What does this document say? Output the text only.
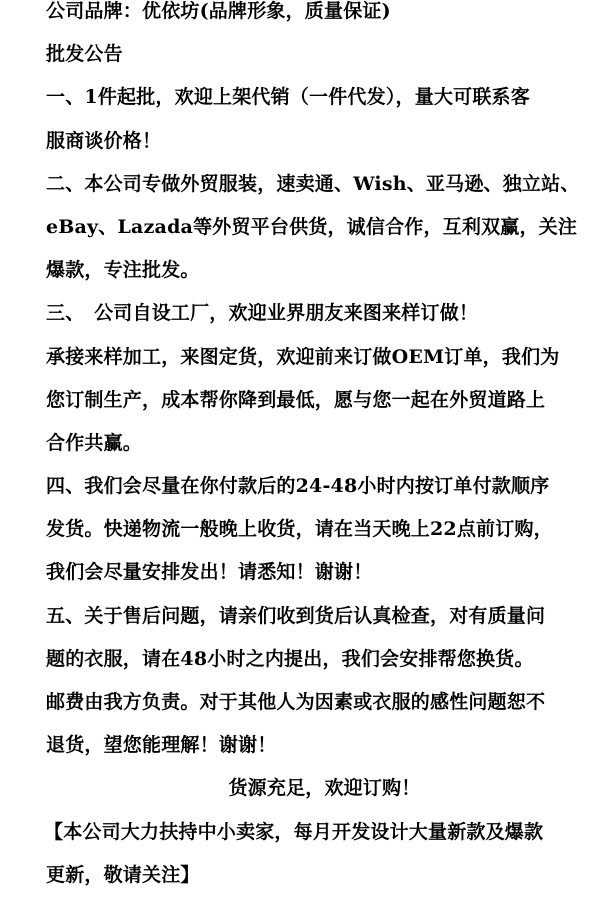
公司品牌：优依坊(品牌形象，质量保证)
批发公告
一、1件起批，欢迎上架代销（一件代发），量大可联系客
服商谈价格！
二、本公司专做外贸服装，速卖通、Wish、亚马逊、独立站、
eBay、Lazada等外贸平台供货，诚信合作，互利双赢，关注
爆款，专注批发。
三、　公司自设工厂，欢迎业界朋友来图来样订做！
承接来样加工，来图定货，欢迎前来订做OEM订单，我们为
您订制生产，成本帮你降到最低，愿与您一起在外贸道路上
合作共赢。
四、我们会尽量在你付款后的24-48小时内按订单付款顺序
发货。快递物流一般晚上收货，请在当天晚上22点前订购，
我们会尽量安排发出！请悉知！谢谢！
五、关于售后问题，请亲们收到货后认真检查，对有质量问
题的衣服，请在48小时之内提出，我们会安排帮您换货。
邮费由我方负责。对于其他人为因素或衣服的感性问题恕不
退货，望您能理解！谢谢！
货源充足，欢迎订购！
【本公司大力扶持中小卖家，每月开发设计大量新款及爆款
更新，敬请关注】
